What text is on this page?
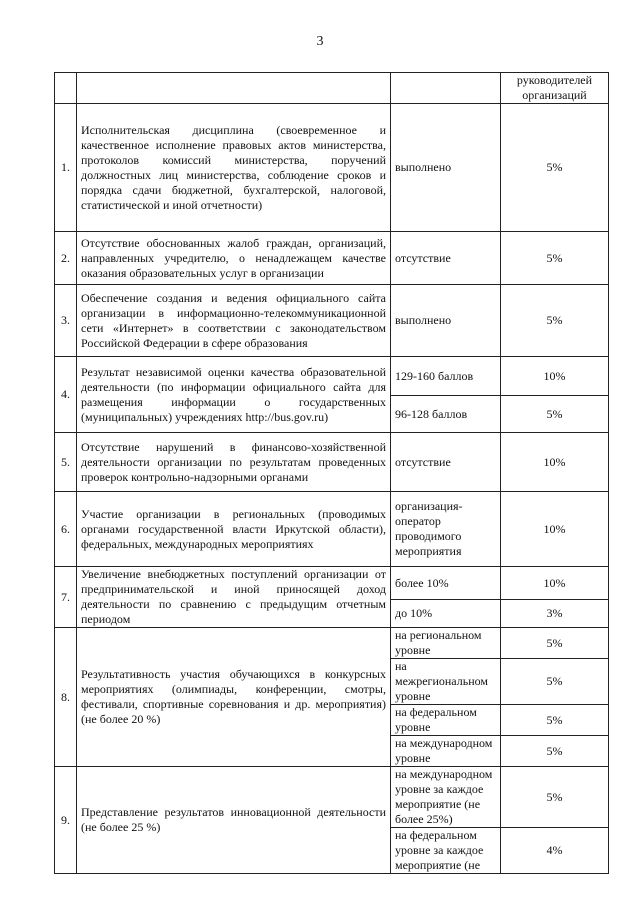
3
			руководителей организаций
1.	Исполнительская дисциплина (своевременное и качественное исполнение правовых актов министерства, протоколов комиссий министерства, поручений должностных лиц министерства, соблюдение сроков и порядка сдачи бюджетной, бухгалтерской, налоговой, статистической и иной отчетности)	выполнено	5%
2.	Отсутствие обоснованных жалоб граждан, организаций, направленных учредителю, о ненадлежащем качестве оказания образовательных услуг в организации	отсутствие	5%
3.	Обеспечение создания и ведения официального сайта организации в информационно-телекоммуникационной сети «Интернет» в соответствии с законодательством Российской Федерации в сфере образования	выполнено	5%
4.	Результат независимой оценки качества образовательной деятельности (по информации официального сайта для размещения информации о государственных (муниципальных) учреждениях http://bus.gov.ru)	129-160 баллов	10%
		96-128 баллов	5%
5.	Отсутствие нарушений в финансово-хозяйственной деятельности организации по результатам проведенных проверок контрольно-надзорными органами	отсутствие	10%
6.	Участие организации в региональных (проводимых органами государственной власти Иркутской области), федеральных, международных мероприятиях	организация-оператор проводимого мероприятия	10%
7.	Увеличение внебюджетных поступлений организации от предпринимательской и иной приносящей доход деятельности по сравнению с предыдущим отчетным периодом	более 10%	10%
		до 10%	3%
8.	Результативность участия обучающихся в конкурсных мероприятиях (олимпиады, конференции, смотры, фестивали, спортивные соревнования и др. мероприятия) (не более 20 %)	на региональном уровне	5%
		на межрегиональном уровне	5%
		на федеральном уровне	5%
		на международном уровне	5%
9.	Представление результатов инновационной деятельности (не более 25 %)	на международном уровне за каждое мероприятие (не более 25%)	5%
		на федеральном уровне за каждое мероприятие (не	4%
